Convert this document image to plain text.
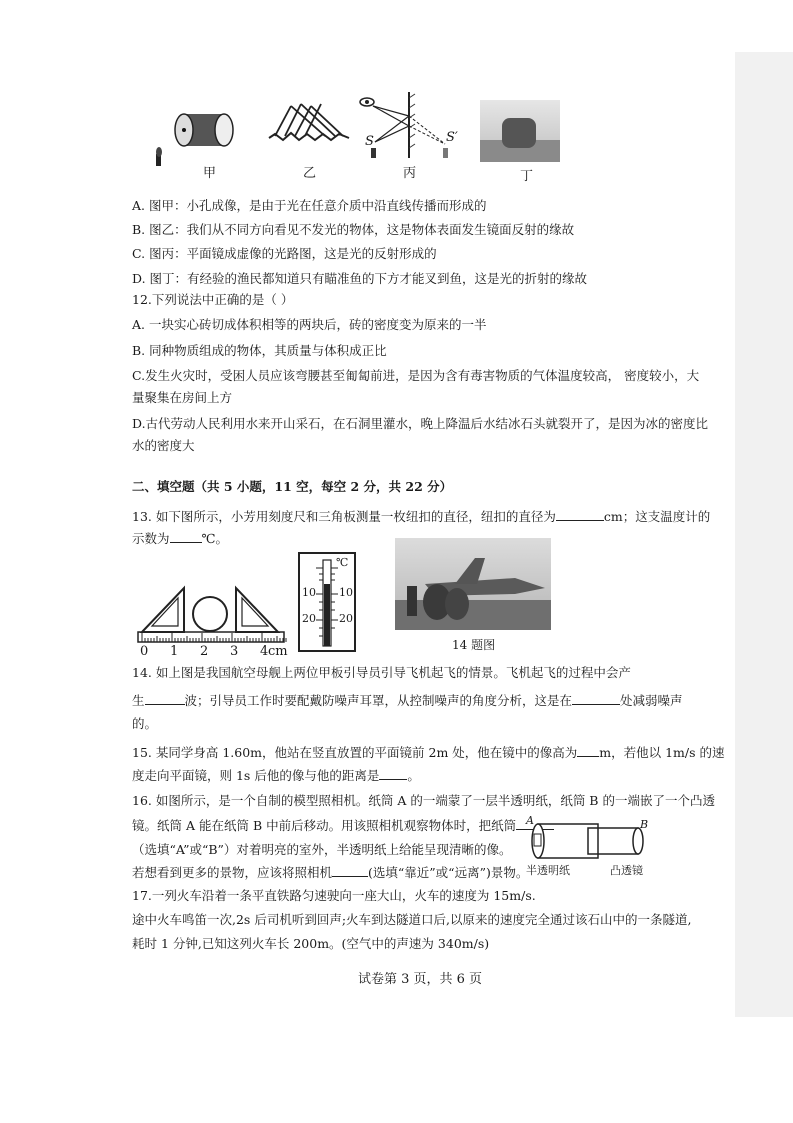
S	S′
甲	乙	丙	丁
A. 图甲：小孔成像，是由于光在任意介质中沿直线传播而形成的
B. 图乙：我们从不同方向看见不发光的物体，这是物体表面发生镜面反射的缘故
C. 图丙：平面镜成虚像的光路图，这是光的反射形成的
D. 图丁：有经验的渔民都知道只有瞄准鱼的下方才能叉到鱼，这是光的折射的缘故
12.下列说法中正确的是（ ）
A. 一块实心砖切成体积相等的两块后，砖的密度变为原来的一半
B. 同种物质组成的物体，其质量与体积成正比
C.发生火灾时，受困人员应该弯腰甚至匍匐前进，是因为含有毒害物质的气体温度较高， 密度较小，大
量聚集在房间上方
D.古代劳动人民利用水来开山采石，在石洞里灌水，晚上降温后水结冰石头就裂开了，是因为冰的密度比
水的密度大
二、填空题（共 5 小题，11 空，每空 2 分，共 22 分）
13. 如下图所示，小芳用刻度尺和三角板测量一枚纽扣的直径，纽扣的直径为	cm；这支温度计的
示数为	℃。
0 1 2 3 4 cm
℃
10
20
10
20
14 题图
14. 如上图是我国航空母舰上两位甲板引导员引导飞机起飞的情景。飞机起飞的过程中会产
生	波；引导员工作时要配戴防噪声耳罩，从控制噪声的角度分析，这是在	处减弱噪声
的。
15. 某同学身高 1.60m，他站在竖直放置的平面镜前 2m 处，他在镜中的像高为 m，若他以 1m/s 的速
度走向平面镜，则 1s 后他的像与他的距离是 。
16. 如图所示，是一个自制的模型照相机。纸筒 A 的一端蒙了一层半透明纸，纸筒 B 的一端嵌了一个凸透
镜。纸筒 A 能在纸筒 B 中前后移动。用该照相机观察物体时，把纸筒
（选填“A”或“B”）对着明亮的室外，半透明纸上给能呈现清晰的像。
若想看到更多的景物，应该将照相机	(选填“靠近”或“远离”)景物。
A	B
半透明纸	凸透镜
17.一列火车沿着一条平直铁路匀速驶向一座大山，火车的速度为 15m/s.
途中火车鸣笛一次,2s 后司机听到回声;火车到达隧道口后,以原来的速度完全通过该石山中的一条隧道,
耗时 1 分钟,已知这列火车长 200m。(空气中的声速为 340m/s)
试卷第 3 页，共 6 页
